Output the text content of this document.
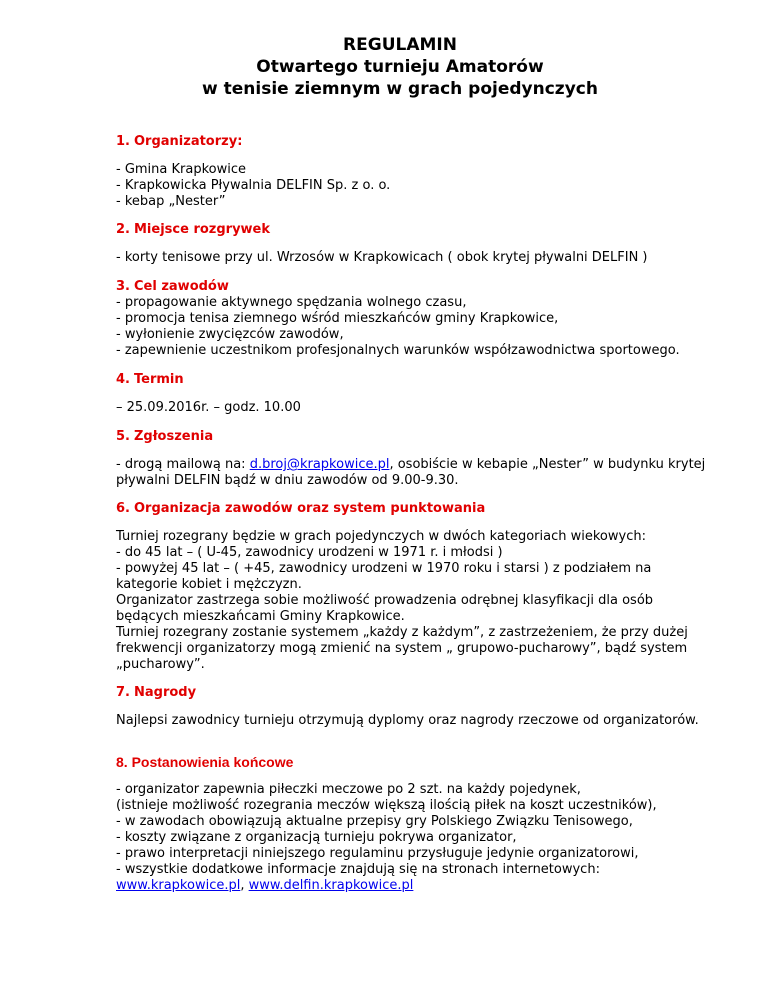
REGULAMIN

Otwartego turnieju Amatorów

w tenisie ziemnym w grach pojedynczych

1. Organizatorzy:

- Gmina Krapkowice

- Krapkowicka Pływalnia DELFIN Sp. z o. o.

- kebap „Nester”

2. Miejsce rozgrywek

- korty tenisowe przy ul. Wrzosów w Krapkowicach ( obok krytej pływalni DELFIN )

3. Cel zawodów

- propagowanie aktywnego spędzania wolnego czasu,

- promocja tenisa ziemnego wśród mieszkańców gminy Krapkowice,

- wyłonienie zwycięzców zawodów,

- zapewnienie uczestnikom profesjonalnych warunków współzawodnictwa sportowego.

4. Termin

– 25.09.2016r. – godz. 10.00

5. Zgłoszenia

- drogą mailową na: d.broj@krapkowice.pl, osobiście w kebapie „Nester” w budynku krytej pływalni DELFIN bądź w dniu zawodów od 9.00-9.30.

6. Organizacja zawodów oraz system punktowania

Turniej rozegrany będzie w grach pojedynczych w dwóch kategoriach wiekowych:

- do 45 lat – ( U-45, zawodnicy urodzeni w 1971 r. i młodsi )

- powyżej 45 lat – ( +45, zawodnicy urodzeni w 1970 roku i starsi ) z podziałem na kategorie kobiet i mężczyzn.

Organizator zastrzega sobie możliwość prowadzenia odrębnej klasyfikacji dla osób będących mieszkańcami Gminy Krapkowice.

Turniej rozegrany zostanie systemem „każdy z każdym”, z zastrzeżeniem, że przy dużej frekwencji organizatorzy mogą zmienić na system „ grupowo-pucharowy”, bądź system „pucharowy”.

7. Nagrody

Najlepsi zawodnicy turnieju otrzymują dyplomy oraz nagrody rzeczowe od organizatorów.

8. Postanowienia końcowe

- organizator zapewnia piłeczki meczowe po 2 szt. na każdy pojedynek,

(istnieje możliwość rozegrania meczów większą ilością piłek na koszt uczestników),

- w zawodach obowiązują aktualne przepisy gry Polskiego Związku Tenisowego,

- koszty związane z organizacją turnieju pokrywa organizator,

- prawo interpretacji niniejszego regulaminu przysługuje jedynie organizatorowi,

- wszystkie dodatkowe informacje znajdują się na stronach internetowych:

www.krapkowice.pl, www.delfin.krapkowice.pl
